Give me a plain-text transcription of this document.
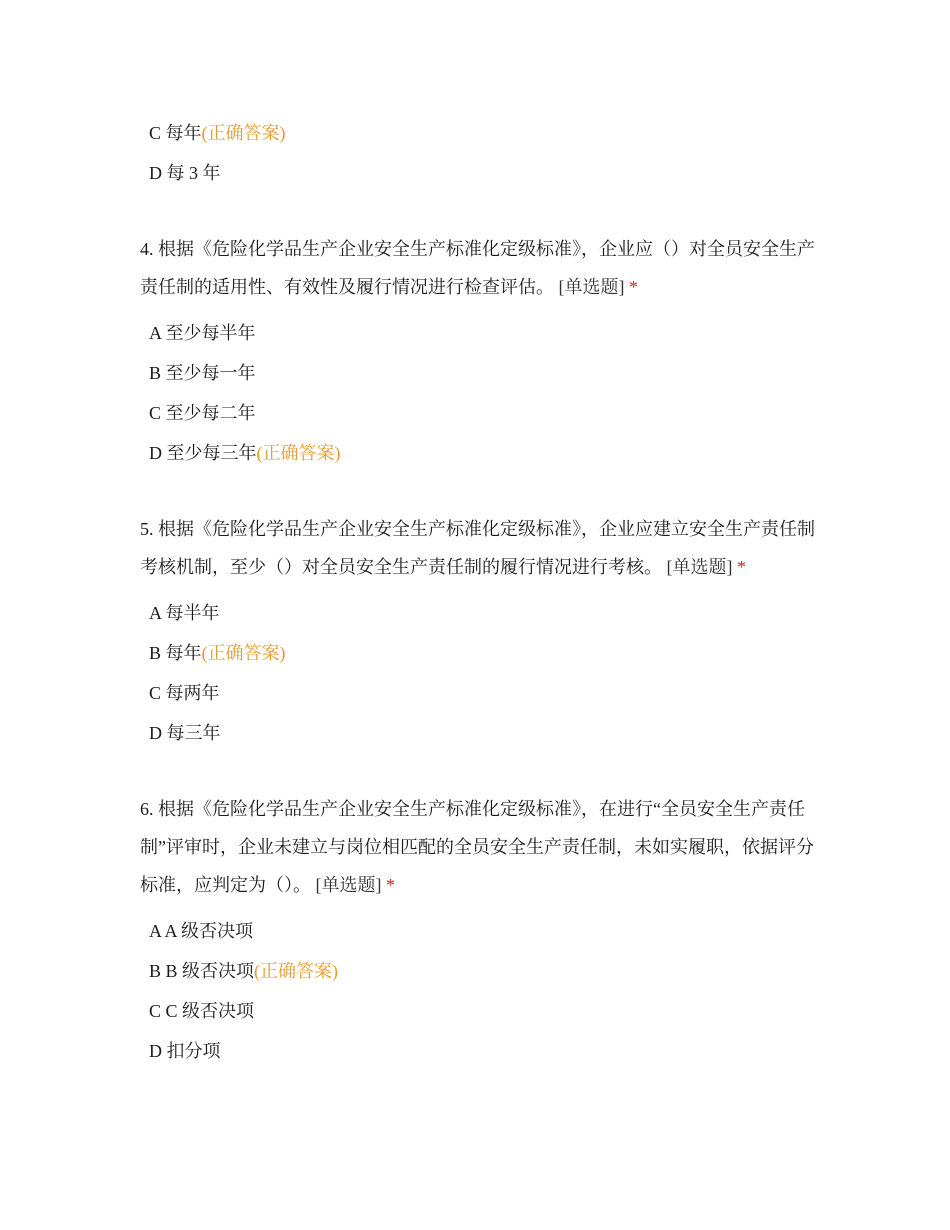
C 每年(正确答案)
D 每 3 年
4. 根据《危险化学品生产企业安全生产标准化定级标准》，企业应（）对全员安全生产责任制的适用性、有效性及履行情况进行检查评估。 [单选题] *
A 至少每半年
B 至少每一年
C 至少每二年
D 至少每三年(正确答案)
5. 根据《危险化学品生产企业安全生产标准化定级标准》，企业应建立安全生产责任制考核机制，至少（）对全员安全生产责任制的履行情况进行考核。 [单选题] *
A 每半年
B 每年(正确答案)
C 每两年
D 每三年
6. 根据《危险化学品生产企业安全生产标准化定级标准》，在进行“全员安全生产责任制”评审时，企业未建立与岗位相匹配的全员安全生产责任制，未如实履职，依据评分标准，应判定为（）。 [单选题] *
A A 级否决项
B B 级否决项(正确答案)
C C 级否决项
D 扣分项
